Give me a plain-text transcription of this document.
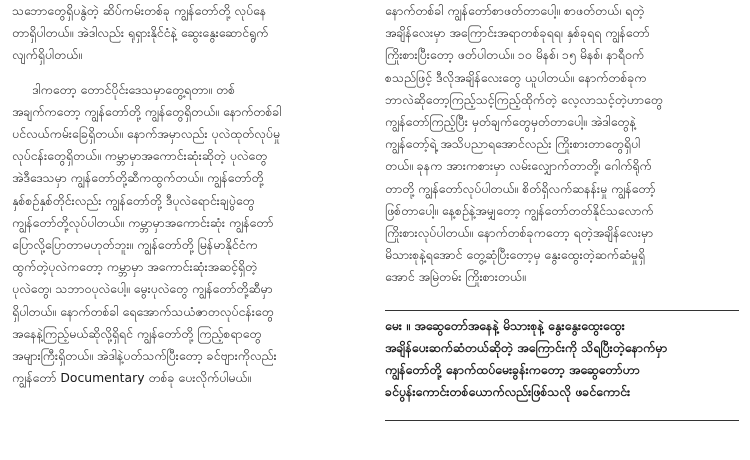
သဘောတွေရှိပနွဲတဲ့ ဆိပ်ကမ်းတစ်ခု ကျွန်တော်တို့ လုပ်နေ
တာရှိပါတယ်။ အဲဒါလည်း ရုရှားနိုင်ငံနဲ့ ဆွေးနွေးဆောင်ရွက်
လျက်ရှိပါတယ်။
ဒါကတော့ တောင်ပိုင်းဒေသမှာတွေ့ရတာ။ တစ်
အချက်ကတော့ ကျွန်တော်တို့ ကျွန်တွေရှိတယ်။ နောက်တစ်ခါ
ပင်လယ်ကမ်းခြေရှိတယ်။ နောက်အမှာလည်း ပုလဲထုတ်လုပ်မှု
လုပ်ငန်းတွေရှိတယ်။ ကမ္ဘာမှာအကောင်းဆုံးဆိုတဲ့ ပုလဲတွေ
အဲဒီဒေသမှာ ကျွန်တော်တို့ဆီကထွက်တယ်။ ကျွန်တော်တို့
နှစ်စဉ်နှစ်တိုင်းလည်း ကျွန်တော်တို့ ဒီပုလဲရောင်းချပွဲတွေ
ကျွန်တော်တို့လုပ်ပါတယ်။ ကမ္ဘာမှာအကောင်းဆုံး ကျွန်တော်
ပြောလို့ပြောတာမဟုတ်ဘူး။ ကျွန်တော်တို့ မြန်မာနိုင်ငံက
ထွက်တဲ့ပုလဲကတော့ ကမ္ဘာမှာ အကောင်းဆုံးအဆင့်ရှိတဲ့
ပုလဲတွေ၊ သဘာဝပုလဲပေါ့။ မွေးပုလဲတွေ ကျွန်တော်တို့ဆီမှာ
ရှိပါတယ်။ နောက်တစ်ခါ ရေအောက်သယံဇာတလုပ်ငန်းတွေ
အနေနဲ့ကြည့်မယ်ဆိုလို့ရှိရင် ကျွန်တော်တို့ ကြည့်စရာတွေ
အများကြီးရှိတယ်။ အဲဒါနဲ့ပတ်သက်ပြီးတော့ ခင်ဗျားကိုလည်း
ကျွန်တော် Documentary တစ်ခု ပေးလိုက်ပါမယ်။
နောက်တစ်ခါ ကျွန်တော်စာဖတ်တာပေါ့။ စာဖတ်တယ်၊ ရတဲ့
အချိန်လေးမှာ အကြောင်းအရာတစ်ခုရရ၊ နှစ်ခုရရ ကျွန်တော်
ကြိုးစားပြီးတော့ ဖတ်ပါတယ်။ ၁၀ မိနစ်၊ ၁၅ မိနစ်၊ နာရီဝက်
စသည်ဖြင့် ဒီလိုအချိန်လေးတွေ ယူပါတယ်။ နောက်တစ်ခုက
ဘာလဲဆိုတော့ကြည့်သင့်ကြည့်ထိုက်တဲ့ လေ့လာသင့်တဲ့ဟာတွေ
ကျွန်တော်ကြည့်ပြီး မှတ်ချက်တွေမှတ်တာပေါ့။ အဲဒါတွေနဲ့
ကျွန်တော့်ရဲ့ အသိပညာရအောင်လည်း ကြိုးစားတာတွေရှိပါ
တယ်။ ခုနက အားကစားမှာ လမ်းလျှောက်တာတို့၊ ဂေါက်ရိုက်
တာတို့ ကျွန်တော်လုပ်ပါတယ်။ စိတ်ရှိလက်ဆနန်းမှု ကျွန်တော့်
ဖြစ်တာပေါ့။ နေ့စဉ်နဲ့အမျှတော့ ကျွန်တော်တတ်နိုင်သလောက်
ကြိုးစားလုပ်ပါတယ်။ နောက်တစ်ခုကတော့ ရတဲ့အချိန်လေးမှာ
မိသားစုနဲ့ရအောင် တွေ့ဆုံပြီးတော့မှ နွေးထွေးတဲ့ဆက်ဆံမှုရှိ
အောင် အမြဲတမ်း ကြိုးစားတယ်။
မေး ။ အဆွေတော်အနေနဲ့ မိသားစုနဲ့ နွေးနွေးထွေးထွေး
အချိန်ပေးဆက်ဆံတယ်ဆိုတဲ့ အကြောင်းကို သိရပြီးတဲ့နောက်မှာ
ကျွန်တော်တို့ နောက်ထပ်မေးခွန်းကတော့ အဆွေတော်ဟာ
ခင်ပွန်းကောင်းတစ်ယောက်လည်းဖြစ်သလို ဖခင်ကောင်း
